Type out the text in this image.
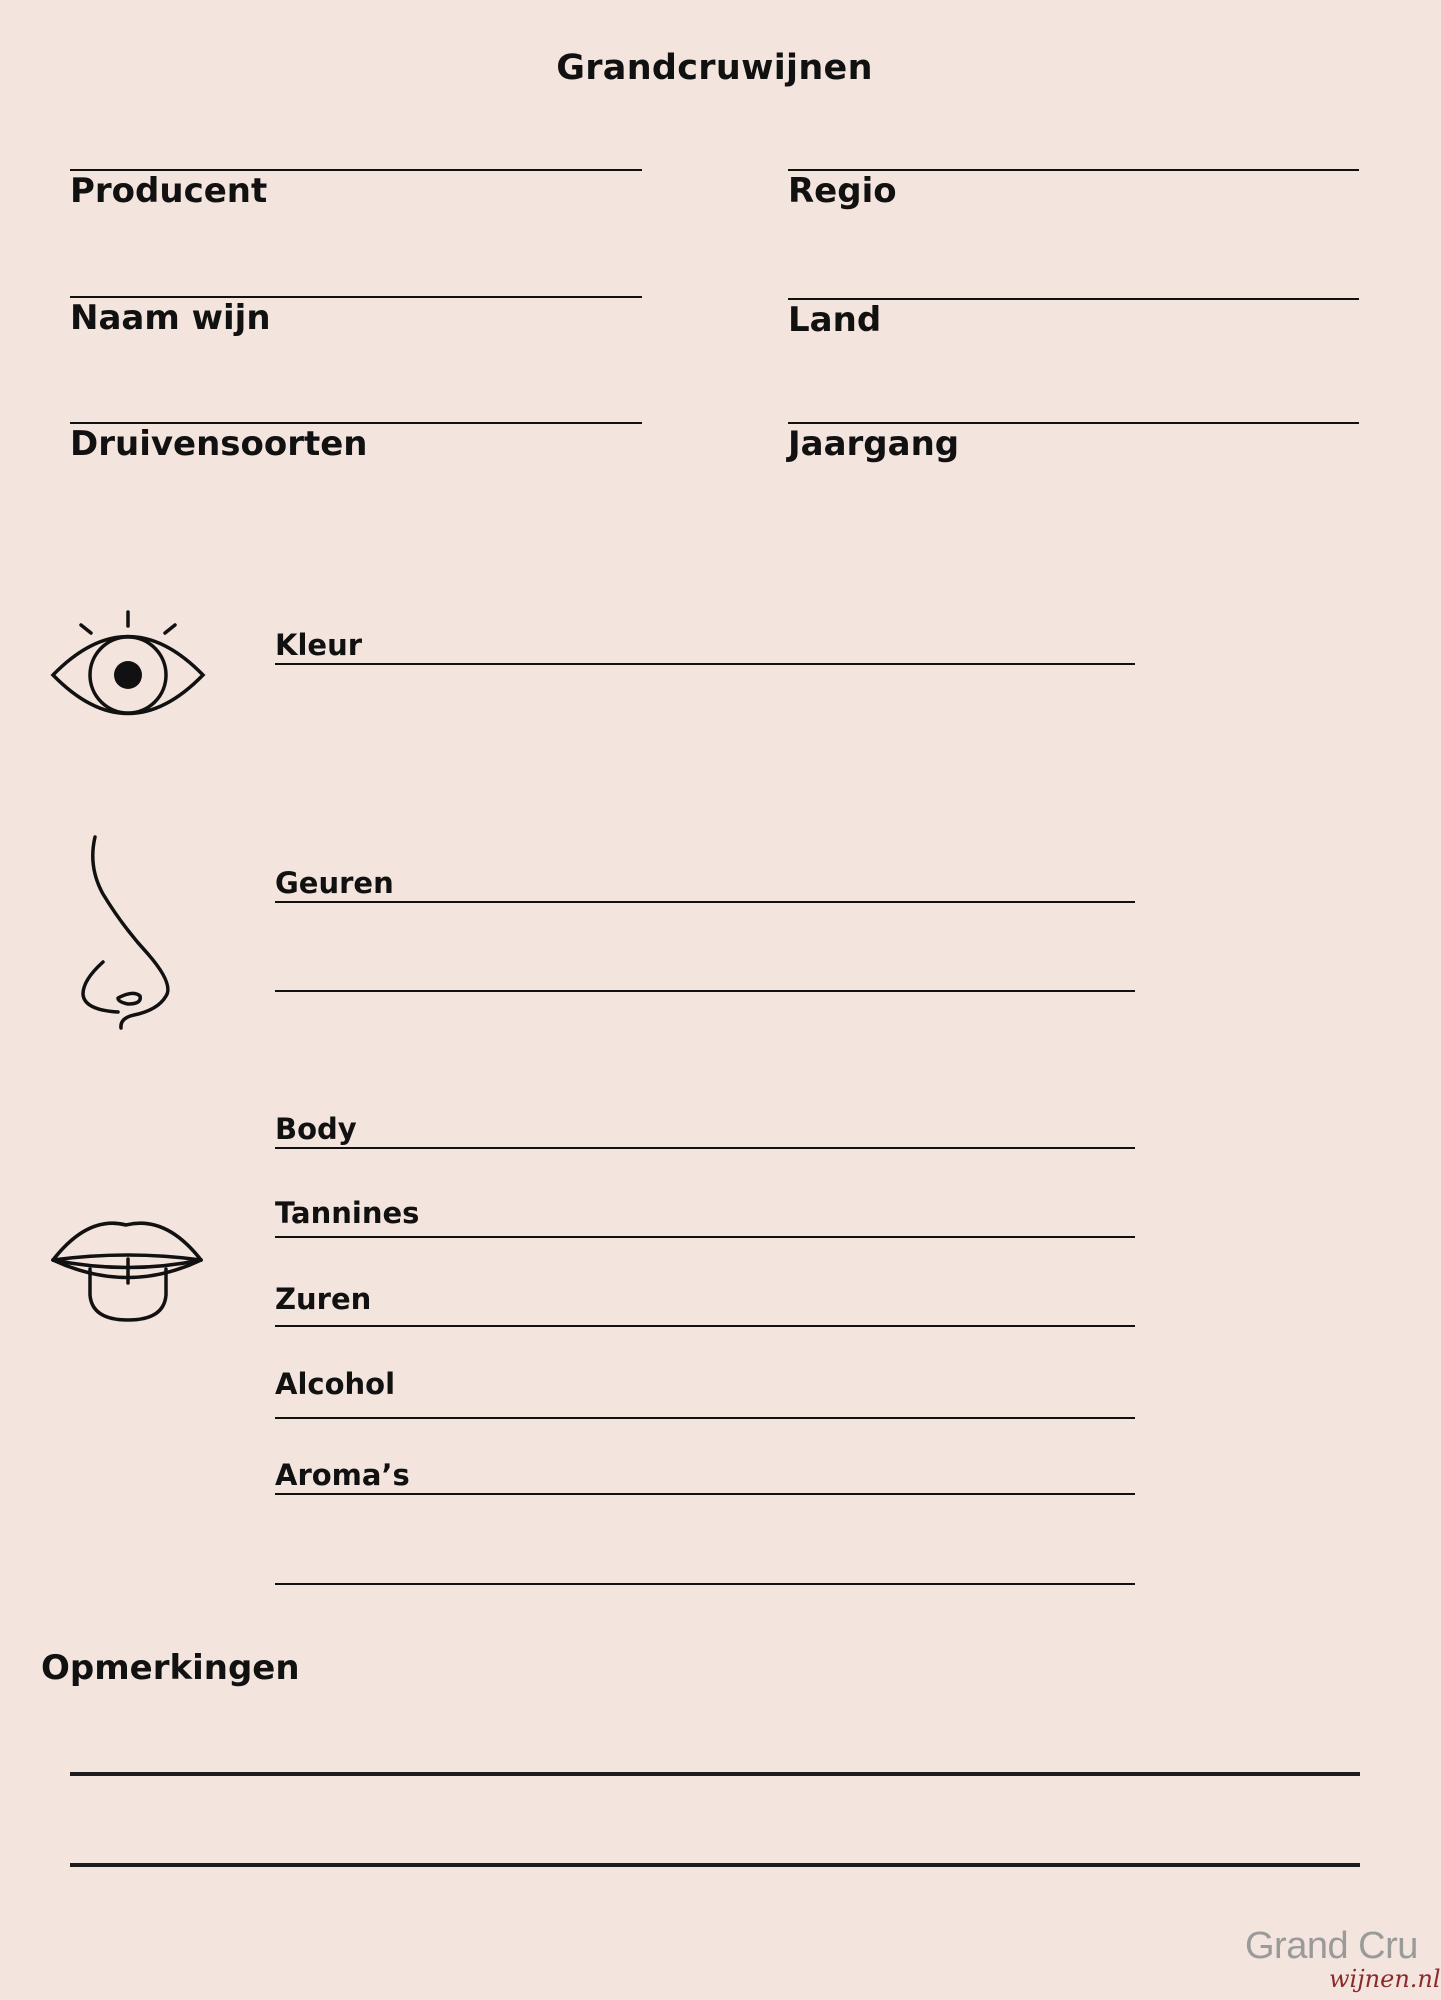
Grandcruwijnen
Producent	Regio
Naam wijn	Land
Druivensoorten	Jaargang
Kleur
Geuren
Body
Tannines
Zuren
Alcohol
Aroma’s
Opmerkingen
Grand Cru
wijnen.nl
